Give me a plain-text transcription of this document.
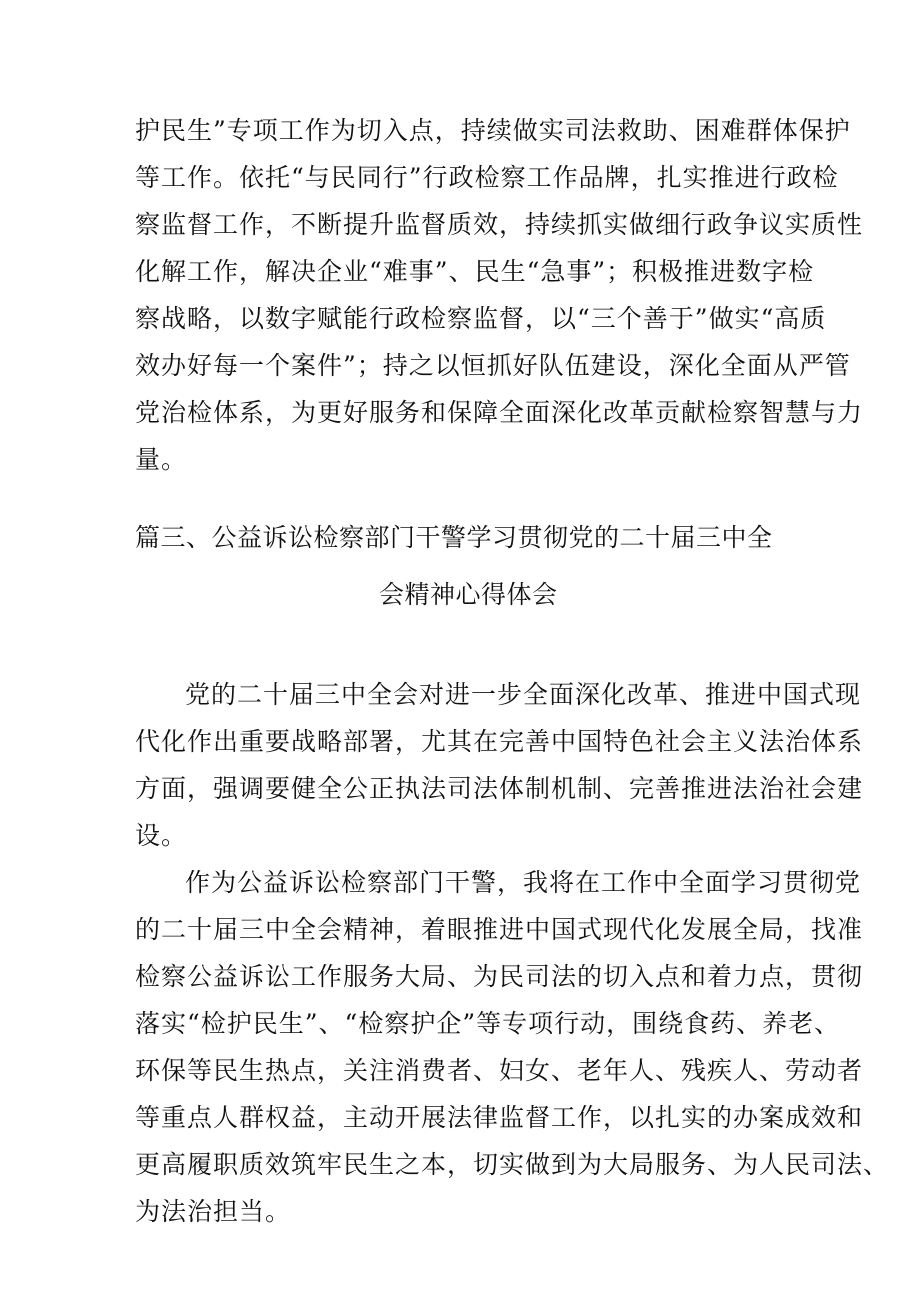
护民生”专项工作为切入点，持续做实司法救助、困难群体保护
等工作。依托“与民同行”行政检察工作品牌，扎实推进行政检
察监督工作，不断提升监督质效，持续抓实做细行政争议实质性
化解工作，解决企业“难事”、民生“急事”；积极推进数字检
察战略，以数字赋能行政检察监督，以“三个善于”做实“高质
效办好每一个案件”；持之以恒抓好队伍建设，深化全面从严管
党治检体系，为更好服务和保障全面深化改革贡献检察智慧与力
量。
篇三、公益诉讼检察部门干警学习贯彻党的二十届三中全
会精神心得体会
党的二十届三中全会对进一步全面深化改革、推进中国式现
代化作出重要战略部署，尤其在完善中国特色社会主义法治体系
方面，强调要健全公正执法司法体制机制、完善推进法治社会建
设。
作为公益诉讼检察部门干警，我将在工作中全面学习贯彻党
的二十届三中全会精神，着眼推进中国式现代化发展全局，找准
检察公益诉讼工作服务大局、为民司法的切入点和着力点，贯彻
落实“检护民生”、“检察护企”等专项行动，围绕食药、养老、
环保等民生热点，关注消费者、妇女、老年人、残疾人、劳动者
等重点人群权益，主动开展法律监督工作，以扎实的办案成效和
更高履职质效筑牢民生之本，切实做到为大局服务、为人民司法、
为法治担当。
